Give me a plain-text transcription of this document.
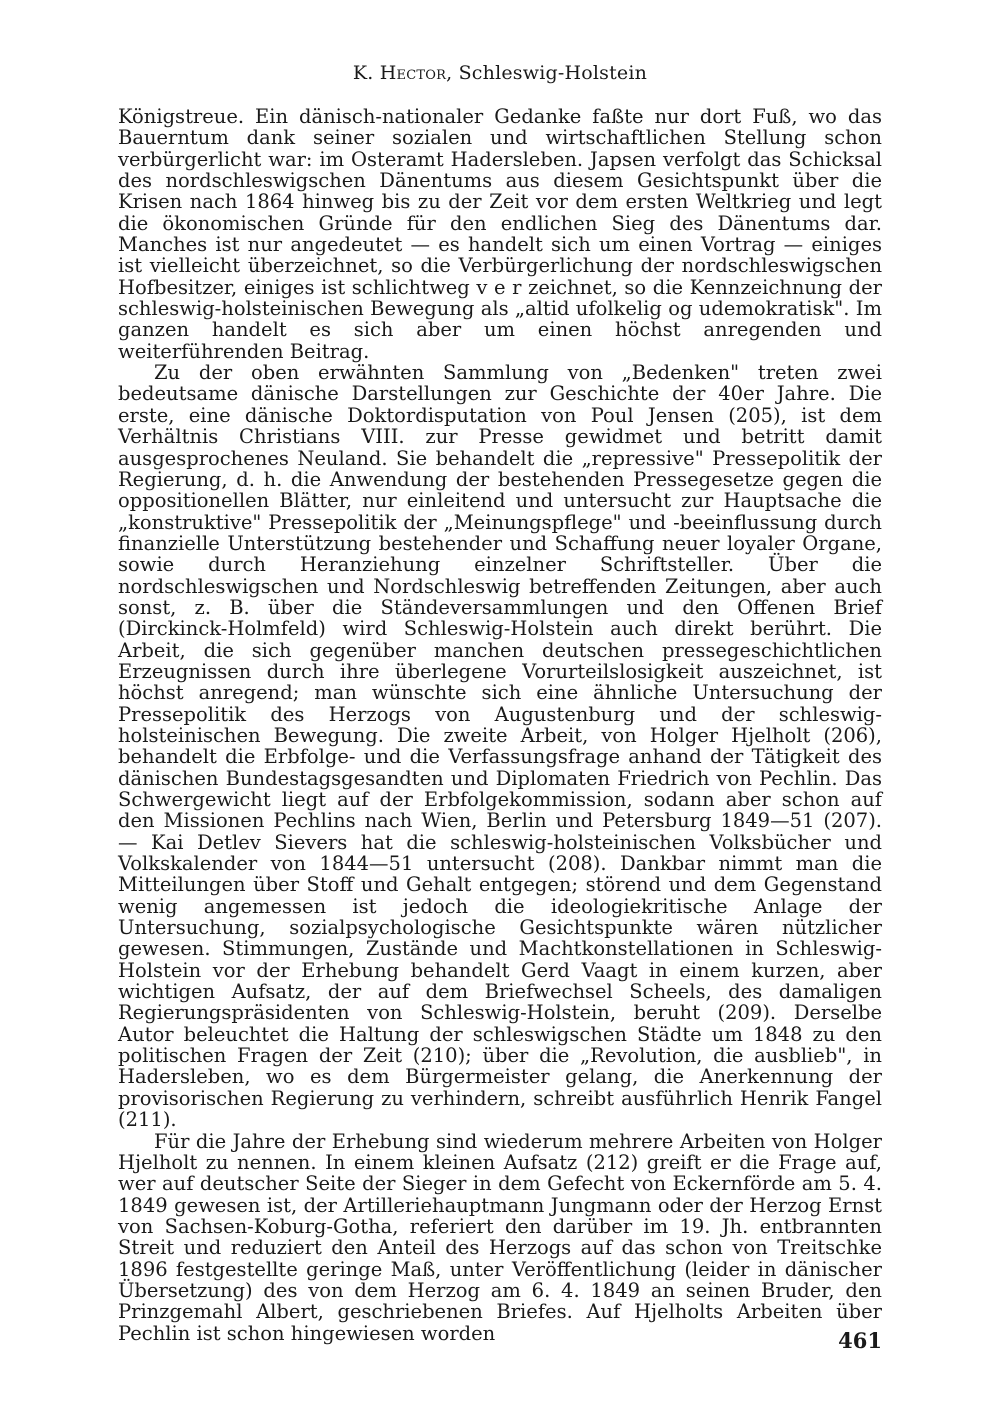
K. Hector, Schleswig-Holstein

Königstreue. Ein dänisch-nationaler Gedanke faßte nur dort Fuß, wo das Bauerntum dank seiner sozialen und wirtschaftlichen Stellung schon verbürgerlicht war: im Osteramt Hadersleben. Japsen verfolgt das Schicksal des nordschleswigschen Dänentums aus diesem Gesichtspunkt über die Krisen nach 1864 hinweg bis zu der Zeit vor dem ersten Weltkrieg und legt die ökonomischen Gründe für den endlichen Sieg des Dänentums dar. Manches ist nur angedeutet — es handelt sich um einen Vortrag — einiges ist vielleicht überzeichnet, so die Verbürgerlichung der nordschleswigschen Hofbesitzer, einiges ist schlichtweg v e r zeichnet, so die Kennzeichnung der schleswig-holsteinischen Bewegung als „altid ufolkelig og udemokratisk". Im ganzen handelt es sich aber um einen höchst anregenden und weiterführenden Beitrag.

Zu der oben erwähnten Sammlung von „Bedenken" treten zwei bedeutsame dänische Darstellungen zur Geschichte der 40er Jahre. Die erste, eine dänische Doktordisputation von Poul Jensen (205), ist dem Verhältnis Christians VIII. zur Presse gewidmet und betritt damit ausgesprochenes Neuland. Sie behandelt die „repressive" Pressepolitik der Regierung, d. h. die Anwendung der bestehenden Pressegesetze gegen die oppositionellen Blätter, nur einleitend und untersucht zur Hauptsache die „konstruktive" Pressepolitik der „Meinungspflege" und -beeinflussung durch finanzielle Unterstützung bestehender und Schaffung neuer loyaler Organe, sowie durch Heranziehung einzelner Schriftsteller. Über die nordschleswigschen und Nordschleswig betreffenden Zeitungen, aber auch sonst, z. B. über die Ständeversammlungen und den Offenen Brief (Dirckinck-Holmfeld) wird Schleswig-Holstein auch direkt berührt. Die Arbeit, die sich gegenüber manchen deutschen pressegeschichtlichen Erzeugnissen durch ihre überlegene Vorurteilslosigkeit auszeichnet, ist höchst anregend; man wünschte sich eine ähnliche Untersuchung der Pressepolitik des Herzogs von Augustenburg und der schleswig-holsteinischen Bewegung. Die zweite Arbeit, von Holger Hjelholt (206), behandelt die Erbfolge- und die Verfassungsfrage anhand der Tätigkeit des dänischen Bundestagsgesandten und Diplomaten Friedrich von Pechlin. Das Schwergewicht liegt auf der Erbfolgekommission, sodann aber schon auf den Missionen Pechlins nach Wien, Berlin und Petersburg 1849—51 (207). — Kai Detlev Sievers hat die schleswig-holsteinischen Volksbücher und Volkskalender von 1844—51 untersucht (208). Dankbar nimmt man die Mitteilungen über Stoff und Gehalt entgegen; störend und dem Gegenstand wenig angemessen ist jedoch die ideologiekritische Anlage der Untersuchung, sozialpsychologische Gesichtspunkte wären nützlicher gewesen. Stimmungen, Zustände und Machtkonstellationen in Schleswig-Holstein vor der Erhebung behandelt Gerd Vaagt in einem kurzen, aber wichtigen Aufsatz, der auf dem Briefwechsel Scheels, des damaligen Regierungspräsidenten von Schleswig-Holstein, beruht (209). Derselbe Autor beleuchtet die Haltung der schleswigschen Städte um 1848 zu den politischen Fragen der Zeit (210); über die „Revolution, die ausblieb", in Hadersleben, wo es dem Bürgermeister gelang, die Anerkennung der provisorischen Regierung zu verhindern, schreibt ausführlich Henrik Fangel (211).

Für die Jahre der Erhebung sind wiederum mehrere Arbeiten von Holger Hjelholt zu nennen. In einem kleinen Aufsatz (212) greift er die Frage auf, wer auf deutscher Seite der Sieger in dem Gefecht von Eckernförde am 5. 4. 1849 gewesen ist, der Artilleriehauptmann Jungmann oder der Herzog Ernst von Sachsen-Koburg-Gotha, referiert den darüber im 19. Jh. entbrannten Streit und reduziert den Anteil des Herzogs auf das schon von Treitschke 1896 festgestellte geringe Maß, unter Veröffentlichung (leider in dänischer Übersetzung) des von dem Herzog am 6. 4. 1849 an seinen Bruder, den Prinzgemahl Albert, geschriebenen Briefes. Auf Hjelholts Arbeiten über Pechlin ist schon hingewiesen worden	461
